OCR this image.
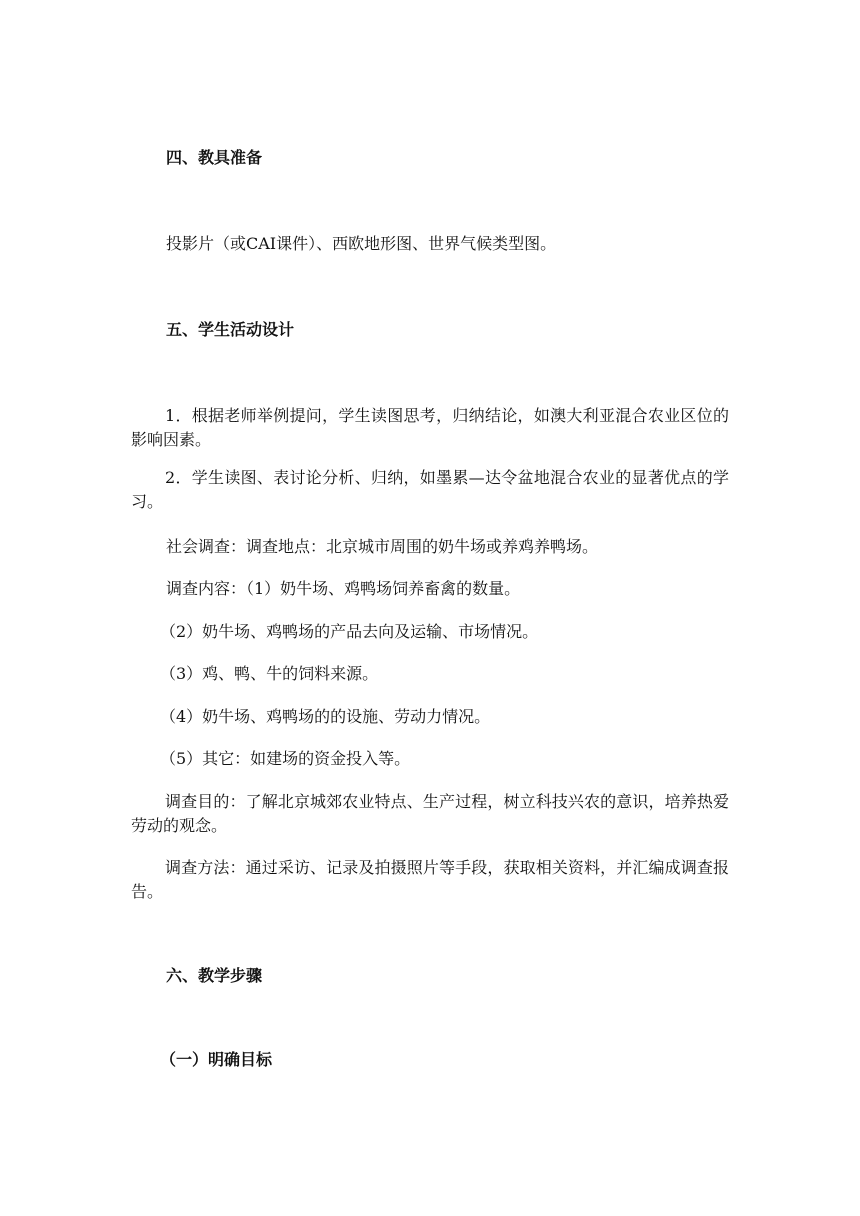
四、教具准备
投影片（或CAI课件）、西欧地形图、世界气候类型图。
五、学生活动设计
1．根据老师举例提问，学生读图思考，归纳结论，如澳大利亚混合农业区位的影响因素。
2．学生读图、表讨论分析、归纳，如墨累—达令盆地混合农业的显著优点的学习。
社会调查：调查地点：北京城市周围的奶牛场或养鸡养鸭场。
调查内容：（1）奶牛场、鸡鸭场饲养畜禽的数量。
（2）奶牛场、鸡鸭场的产品去向及运输、市场情况。
（3）鸡、鸭、牛的饲料来源。
（4）奶牛场、鸡鸭场的的设施、劳动力情况。
（5）其它：如建场的资金投入等。
调查目的：了解北京城郊农业特点、生产过程，树立科技兴农的意识，培养热爱劳动的观念。
调查方法：通过采访、记录及拍摄照片等手段，获取相关资料，并汇编成调查报告。
六、教学步骤
（一）明确目标
